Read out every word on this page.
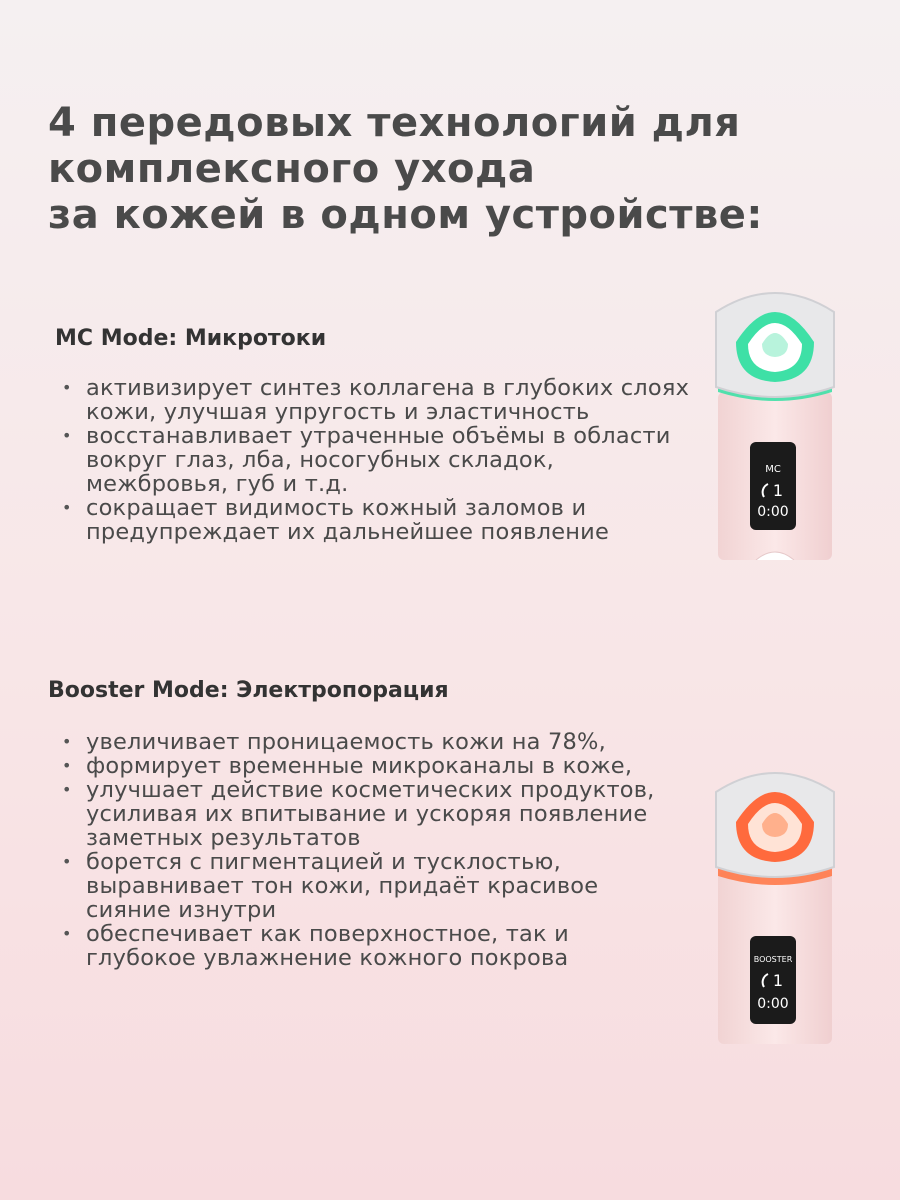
4 передовых технологий для
комплексного ухода
за кожей в одном устройстве:
MC Mode: Микротоки
• активизирует синтез коллагена в глубоких слоях кожи, улучшая упругость и эластичность
• восстанавливает утраченные объёмы в области вокруг глаз, лба, носогубных складок, межбровья, губ и т.д.
• сокращает видимость кожный заломов и предупреждает их дальнейшее появление
Booster Mode: Электропорация
• увеличивает проницаемость кожи на 78%,
• формирует временные микроканалы в коже,
• улучшает действие косметических продуктов, усиливая их впитывание и ускоряя появление заметных результатов
• борется с пигментацией и тусклостью, выравнивает тон кожи, придаёт красивое сияние изнутри
• обеспечивает как поверхностное, так и глубокое увлажнение кожного покрова
MC
1
0:00
BOOSTER
1
0:00
